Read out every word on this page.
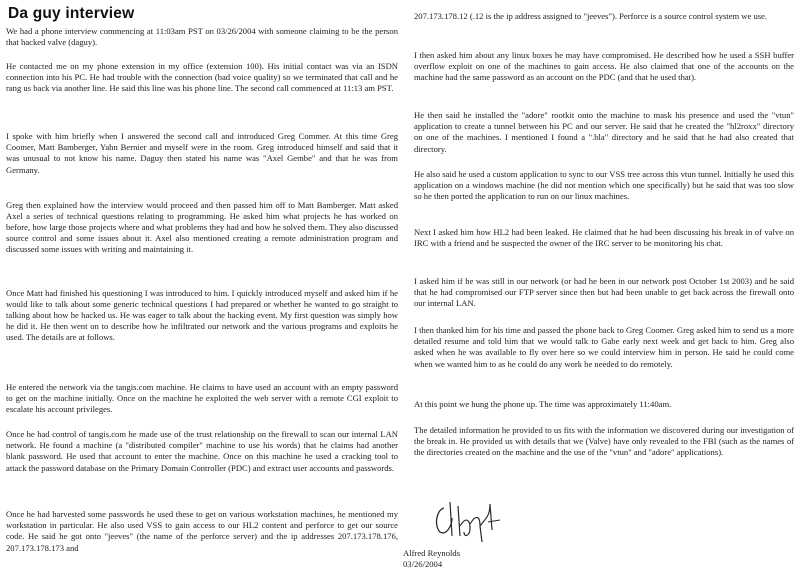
Da guy interview
We had a phone interview commencing at 11:03am PST on 03/26/2004 with someone claiming to be the person that hacked valve (daguy).
He contacted me on my phone extension in my office (extension 100). His initial contact was via an ISDN connection into his PC. He had trouble with the connection (bad voice quality) so we terminated that call and he rang us back via another line. He said this line was his phone line. The second call commenced at 11:13 am PST.
I spoke with him briefly when I answered the second call and introduced Greg Commer. At this time Greg Coomer, Matt Bamberger, Yahn Bernier and myself were in the room. Greg introduced himself and said that it was unusual to not know his name. Daguy then stated his name was "Axel Gembe" and that he was from Germany.
Greg then explained how the interview would proceed and then passed him off to Matt Bamberger. Matt asked Axel a series of technical questions relating to programming. He asked him what projects he has worked on before, how large those projects where and what problems they had and how he solved them. They also discussed source control and some issues about it. Axel also mentioned creating a remote administration program and discussed some issues with writing and maintaining it.
Once Matt had finished his questioning I was introduced to him. I quickly introduced myself and asked him if he would like to talk about some generic technical questions I had prepared or whether he wanted to go straight to talking about how he hacked us. He was eager to talk about the hacking event. My first question was simply how he did it. He then went on to describe how he infiltrated our network and the various programs and exploits he used. The details are at follows.
He entered the network via the tangis.com machine. He claims to have used an account with an empty password to get on the machine initially. Once on the machine he exploited the web server with a remote CGI exploit to escalate his account privileges.
Once he had control of tangis.com he made use of the trust relationship on the firewall to scan our internal LAN network. He found a machine (a "distributed compiler" machine to use his words) that he claims had another blank password. He used that account to enter the machine. Once on this machine he used a cracking tool to attack the password database on the Primary Domain Controller (PDC) and extract user accounts and passwords.
Once he had harvested some passwords he used these to get on various workstation machines, he mentioned my workstation in particular. He also used VSS to gain access to our HL2 content and perforce to get our source code. He said he got onto "jeeves" (the name of the perforce server) and the ip addresses 207.173.178.176, 207.173.178.173 and
207.173.178.12 (.12 is the ip address assigned to "jeeves"). Perforce is a source control system we use.
I then asked him about any linux boxes he may have compromised. He described how he used a SSH buffer overflow exploit on one of the machines to gain access. He also claimed that one of the accounts on the machine had the same password as an account on the PDC (and that he used that).
He then said he installed the "adore" rootkit onto the machine to mask his presence and used the "vtun" application to create a tunnel between his PC and our server. He said that he created the "hl2roxx" directory on one of the machines. I mentioned I found a ".bla" directory and he said that he had also created that directory.
He also said he used a custom application to sync to our VSS tree across this vtun tunnel. Initially he used this application on a windows machine (he did not mention which one specifically) but he said that was too slow so he then ported the application to run on our linux machines.
Next I asked him how HL2 had been leaked. He claimed that he had been discussing his break in of valve on IRC with a friend and he suspected the owner of the IRC server to be monitoring his chat.
I asked him if he was still in our network (or had he been in our network post October 1st 2003) and he said that he had compromised our FTP server since then but had been unable to get back across the firewall onto our internal LAN.
I then thanked him for his time and passed the phone back to Greg Coomer. Greg asked him to send us a more detailed resume and told him that we would talk to Gabe early next week and get back to him. Greg also asked when he was available to fly over here so we could interview him in person. He said he could come when we wanted him to as he could do any work he needed to do remotely.
At this point we hung the phone up. The time was approximately 11:40am.
The detailed information he provided to us fits with the information we discovered during our investigation of the break in. He provided us with details that we (Valve) have only revealed to the FBI (such as the names of the directories created on the machine and the use of the "vtun" and "adore" applications).
Alfred Reynolds
03/26/2004
